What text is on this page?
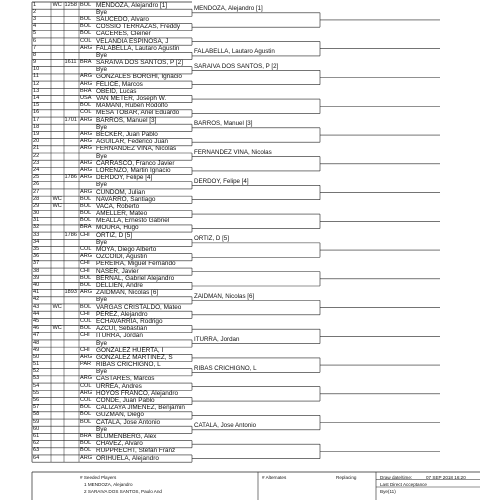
# Seeded Players
1 MENDOZA, Alejandro
2 SARAIVA DOS SANTOS, Paulo And
# Alternates	Replacing	Draw date/time:	07 SEP 2018 16:20
Last Direct Acceptance
Bye(11)
1	WC 1258 BOL MENDOZA, Alejandro [1]
2	Bye
3	BOL SAUCEDO, Alvaro
4	BOL COSSIO TERRAZAS, Freddy
5	BOL CACERES, Cleiner
6	COL VELANDIA ESPINOSA, J
7	ARG FALABELLA, Lautaro Agustin
8	Bye
9	1611 BRA SARAIVA DOS SANTOS, P [2]
10	Bye
11	ARG GONZALES BORGHI, Ignacio
12	ARG FELICE, Marcos
13	BRA OBEID, Lucas
14	USA VAN METER, Joseph W.
15	BOL MAMANI, Ruben Rodolfo
16	COL MESA TOBAR, Ariel Eduardo
17	1701 ARG BARROS, Manuel [3]
18	Bye
19	ARG BECKER, Juan Pablo
20	ARG AGUILAR, Federico Juan
21	ARG FERNANDEZ VINA, Nicolas
22	Bye
23	ARG CARRASCO, Franco Javier
24	ARG LORENZO, Martin Ignacio
25	1786 ARG DERDOY, Felipe [4]
26	Bye
27	ARG CUNDOM, Julian
28 WC	BOL NAVARRO, Santiago
29 WC	BOL VACA, Roberto
30	BOL AMELLER, Mateo
31	BOL MEALLA, Ernesto Gabriel
32	BRA MOURA, Hugo
33	1786 CHI ORTIZ, D [5]
34	Bye
35	COL MOYA, Diego Alberto
36	ARG OZCOIDI, Agustin
37	CHI PEREIRA, Miguel Fernando
38	CHI NASER, Javier
39	BOL BERNAL, Gabriel Alejandro
40	BOL DELLIEN, Andre
41	1893 ARG ZAIDMAN, Nicolas [6]
42	Bye
43 WC	BOL VARGAS CRISTALDO, Mateo
44	CHI PEREZ, Alejandro
45	COL ECHAVARRIA, Rodrigo
46 WC	BOL AZCUI, Sebastian
47	CHI ITURRA, Jordan
48	Bye
49	CHI GONZALEZ HUERTA, I
50	ARG GONZALEZ MARTINEZ, S
51	PAR RIBAS CRICHIGNO, L
52	Bye
53	ARG CASTARES, Marcos
54	COL URREA, Andres
55	ARG HOYOS FRANCO, Alejandro
56	COL CONDE, Juan Pablo
57	BOL CALIZAYA JIMENEZ, Benjamin
58	BOL GUZMAN, Diego
59	BOL CATALA, Jose Antonio
60	Bye
61	BRA BLUMENBERG, Alex
62	BOL CHAVEZ, Alvaro
63	BOL RUPPRECHT, Stefan Franz
64	ARG ORIHUELA, Alejandro
MENDOZA, Alejandro [1]
FALABELLA, Lautaro Agustin
SARAIVA DOS SANTOS, P [2]
BARROS, Manuel [3]
FERNANDEZ VINA, Nicolas
DERDOY, Felipe [4]
ORTIZ, D [5]
ZAIDMAN, Nicolas [6]
ITURRA, Jordan
RIBAS CRICHIGNO, L
CATALA, Jose Antonio
